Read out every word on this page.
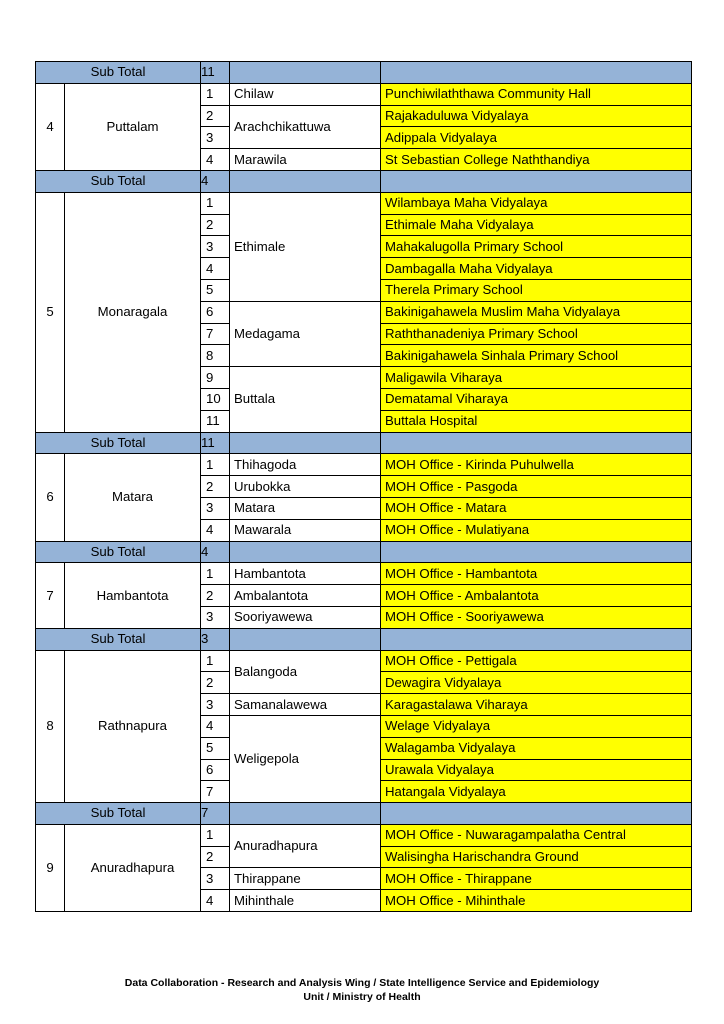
Sub Total		11		
4	Puttalam	1	Chilaw	Punchiwilaththawa Community Hall
		2	Arachchikattuwa	Rajakaduluwa Vidyalaya
		3		Adippala Vidyalaya
		4	Marawila	St Sebastian College Naththandiya
Sub Total		4		
5	Monaragala	1	Ethimale	Wilambaya Maha Vidyalaya
		2		Ethimale Maha Vidyalaya
		3		Mahakalugolla Primary School
		4		Dambagalla Maha Vidyalaya
		5		Therela Primary School
		6	Medagama	Bakinigahawela Muslim Maha Vidyalaya
		7		Raththanadeniya Primary School
		8		Bakinigahawela Sinhala Primary School
		9	Buttala	Maligawila Viharaya
		10		Dematamal Viharaya
		11		Buttala Hospital
Sub Total		11		
6	Matara	1	Thihagoda	MOH Office - Kirinda Puhulwella
		2	Urubokka	MOH Office - Pasgoda
		3	Matara	MOH Office - Matara
		4	Mawarala	MOH Office - Mulatiyana
Sub Total		4		
7	Hambantota	1	Hambantota	MOH Office - Hambantota
		2	Ambalantota	MOH Office - Ambalantota
		3	Sooriyawewa	MOH Office - Sooriyawewa
Sub Total		3		
8	Rathnapura	1	Balangoda	MOH Office - Pettigala
		2		Dewagira Vidyalaya
		3	Samanalawewa	Karagastalawa Viharaya
		4	Weligepola	Welage Vidyalaya
		5		Walagamba Vidyalaya
		6		Urawala Vidyalaya
		7		Hatangala Vidyalaya
Sub Total		7		
9	Anuradhapura	1	Anuradhapura	MOH Office - Nuwaragampalatha Central
		2		Walisingha Harischandra Ground
		3	Thirappane	MOH Office - Thirappane
		4	Mihinthale	MOH Office - Mihinthale
Data Collaboration - Research and Analysis Wing / State Intelligence Service and Epidemiology
Unit / Ministry of Health
